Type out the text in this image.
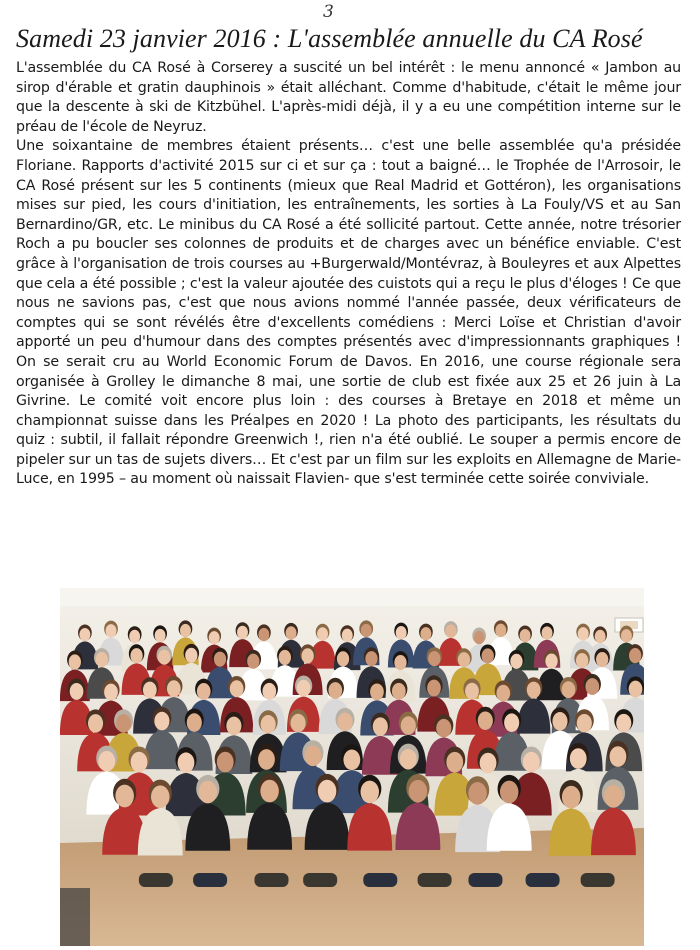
3
Samedi 23 janvier 2016 : L'assemblée annuelle du CA Rosé

L'assemblée du CA Rosé à Corserey a suscité un bel intérêt : le menu annoncé « Jambon au sirop d'érable et gratin dauphinois » était alléchant. Comme d'habitude, c'était le même jour que la descente à ski de Kitzbühel. L'après-midi déjà, il y a eu une compétition interne sur le préau de l'école de Neyruz.

Une soixantaine de membres étaient présents… c'est une belle assemblée qu'a présidée Floriane. Rapports d'activité 2015 sur ci et sur ça : tout a baigné… le Trophée de l'Arrosoir, le CA Rosé présent sur les 5 continents (mieux que Real Madrid et Gottéron), les organisations mises sur pied, les cours d'initiation, les entraînements, les sorties à La Fouly/VS et au San Bernardino/GR, etc. Le minibus du CA Rosé a été sollicité partout. Cette année, notre trésorier Roch a pu boucler ses colonnes de produits et de charges avec un bénéfice enviable. C'est grâce à l'organisation de trois courses au +Burgerwald/Montévraz, à Bouleyres et aux Alpettes que cela a été possible ; c'est la valeur ajoutée des cuistots qui a reçu le plus d'éloges ! Ce que nous ne savions pas, c'est que nous avions nommé l'année passée, deux vérificateurs de comptes qui se sont révélés être d'excellents comédiens : Merci Loïse et Christian d'avoir apporté un peu d'humour dans des comptes présentés avec d'impressionnants graphiques ! On se serait cru au World Economic Forum de Davos. En 2016, une course régionale sera organisée à Grolley le dimanche 8 mai, une sortie de club est fixée aux 25 et 26 juin à La Givrine. Le comité voit encore plus loin : des courses à Bretaye en 2018 et même un championnat suisse dans les Préalpes en 2020 ! La photo des participants, les résultats du quiz : subtil, il fallait répondre Greenwich !, rien n'a été oublié. Le souper a permis encore de pipeler sur un tas de sujets divers… Et c'est par un film sur les exploits en Allemagne de Marie-Luce, en 1995 – au moment où naissait Flavien- que s'est terminée cette soirée conviviale.
